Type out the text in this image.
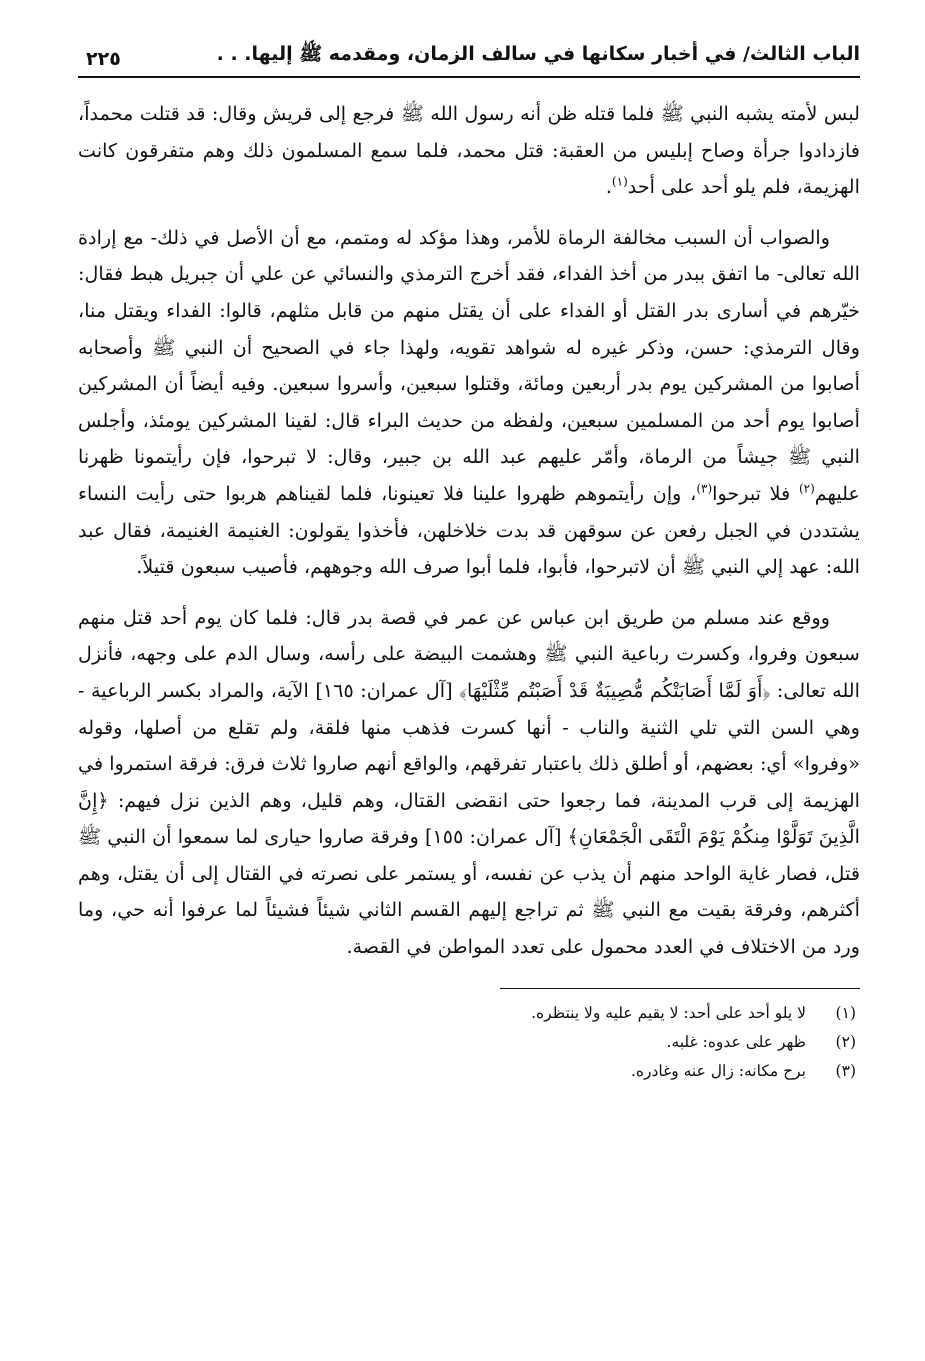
الباب الثالث/ في أخبار سكانها في سالف الزمان، ومقدمه ﷺ إليها. . .
٢٢٥

لبس لأمته يشبه النبي ﷺ فلما قتله ظن أنه رسول الله ﷺ فرجع إلى قريش وقال: قد قتلت محمداً، فازدادوا جرأة وصاح إبليس من العقبة: قتل محمد، فلما سمع المسلمون ذلك وهم متفرقون كانت الهزيمة، فلم يلو أحد على أحد$^{(١)}$.

والصواب أن السبب مخالفة الرماة للأمر، وهذا مؤكد له ومتمم، مع أن الأصل في ذلك- مع إرادة الله تعالى- ما اتفق ببدر من أخذ الفداء، فقد أخرج الترمذي والنسائي عن علي أن جبريل هبط فقال: خيّرهم في أسارى بدر القتل أو الفداء على أن يقتل منهم من قابل مثلهم، قالوا: الفداء ويقتل منا، وقال الترمذي: حسن، وذكر غيره له شواهد تقويه، ولهذا جاء في الصحيح أن النبي ﷺ وأصحابه أصابوا من المشركين يوم بدر أربعين ومائة، وقتلوا سبعين، وأسروا سبعين. وفيه أيضاً أن المشركين أصابوا يوم أحد من المسلمين سبعين، ولفظه من حديث البراء قال: لقينا المشركين يومئذ، وأجلس النبي ﷺ جيشاً من الرماة، وأمّر عليهم عبد الله بن جبير، وقال: لا تبرحوا، فإن رأيتمونا ظهرنا عليهم$^{(٢)}$ فلا تبرحوا$^{(٣)}$، وإن رأيتموهم ظهروا علينا فلا تعينونا، فلما لقيناهم هربوا حتى رأيت النساء يشتددن في الجبل رفعن عن سوقهن قد بدت خلاخلهن، فأخذوا يقولون: الغنيمة الغنيمة، فقال عبد الله: عهد إلي النبي ﷺ أن لاتبرحوا، فأبوا، فلما أبوا صرف الله وجوههم، فأصيب سبعون قتيلاً.

ووقع عند مسلم من طريق ابن عباس عن عمر في قصة بدر قال: فلما كان يوم أحد قتل منهم سبعون وفروا، وكسرت رباعية النبي ﷺ وهشمت البيضة على رأسه، وسال الدم على وجهه، فأنزل الله تعالى: ﴿أَوَ لَمَّا أَصَابَتْكُم مُّصِيبَةٌ قَدْ أَصَبْتُم مِّثْلَيْهَا﴾ [آل عمران: ١٦٥] الآية، والمراد بكسر الرباعية - وهي السن التي تلي الثنية والناب - أنها كسرت فذهب منها فلقة، ولم تقلع من أصلها، وقوله «وفروا» أي: بعضهم، أو أطلق ذلك باعتبار تفرقهم، والواقع أنهم صاروا ثلاث فرق: فرقة استمروا في الهزيمة إلى قرب المدينة، فما رجعوا حتى انقضى القتال، وهم قليل، وهم الذين نزل فيهم: ﴿إِنَّ الَّذِينَ تَوَلَّوْا مِنكُمْ يَوْمَ الْتَقَى الْجَمْعَانِ﴾ [آل عمران: ١٥٥] وفرقة صاروا حيارى لما سمعوا أن النبي ﷺ قتل، فصار غاية الواحد منهم أن يذب عن نفسه، أو يستمر على نصرته في القتال إلى أن يقتل، وهم أكثرهم، وفرقة بقيت مع النبي ﷺ ثم تراجع إليهم القسم الثاني شيئاً فشيئاً لما عرفوا أنه حي، وما ورد من الاختلاف في العدد محمول على تعدد المواطن في القصة.

(١)
لا يلو أحد على أحد: لا يقيم عليه ولا ينتظره.
(٢)
ظهر على عدوه: غلبه.
(٣)
برح مكانه: زال عنه وغادره.
